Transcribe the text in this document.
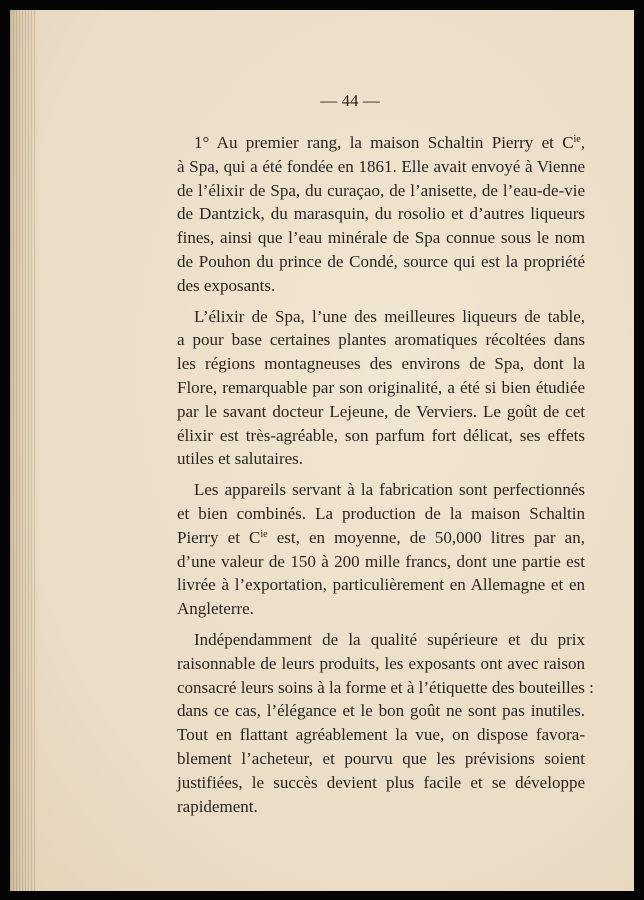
— 44 —

1° Au premier rang, la maison Schaltin Pierry et $C^{ie}$,
à Spa, qui a été fondée en 1861. Elle avait envoyé à Vienne
de l’élixir de Spa, du curaçao, de l’anisette, de l’eau-de-vie
de Dantzick, du marasquin, du rosolio et d’autres liqueurs
fines, ainsi que l’eau minérale de Spa connue sous le nom
de Pouhon du prince de Condé, source qui est la propriété
des exposants.

L’élixir de Spa, l’une des meilleures liqueurs de table,
a pour base certaines plantes aromatiques récoltées dans
les régions montagneuses des environs de Spa, dont la
Flore, remarquable par son originalité, a été si bien étudiée
par le savant docteur Lejeune, de Verviers. Le goût de cet
élixir est très-agréable, son parfum fort délicat, ses effets
utiles et salutaires.

Les appareils servant à la fabrication sont perfectionnés
et bien combinés. La production de la maison Schaltin
Pierry et $C^{ie}$ est, en moyenne, de 50,000 litres par an,
d’une valeur de 150 à 200 mille francs, dont une partie est
livrée à l’exportation, particulièrement en Allemagne et en
Angleterre.

Indépendamment de la qualité supérieure et du prix
raisonnable de leurs produits, les exposants ont avec raison
consacré leurs soins à la forme et à l’étiquette des bouteilles :
dans ce cas, l’élégance et le bon goût ne sont pas inutiles.
Tout en flattant agréablement la vue, on dispose favora-
blement l’acheteur, et pourvu que les prévisions soient
justifiées, le succès devient plus facile et se développe
rapidement.
